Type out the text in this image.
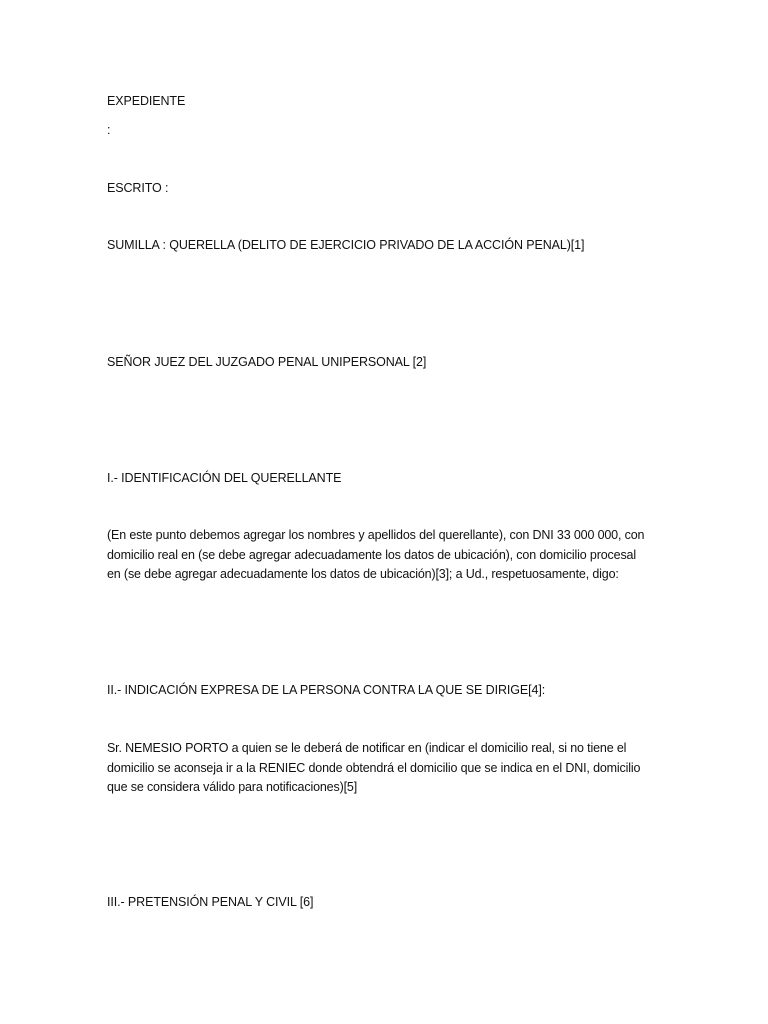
EXPEDIENTE
:
ESCRITO :
SUMILLA : QUERELLA (DELITO DE EJERCICIO PRIVADO DE LA ACCIÓN PENAL)[1]
SEÑOR JUEZ DEL JUZGADO PENAL UNIPERSONAL [2]
I.- IDENTIFICACIÓN DEL QUERELLANTE
(En este punto debemos agregar los nombres y apellidos del querellante), con DNI 33 000 000, con
domicilio real en (se debe agregar adecuadamente los datos de ubicación), con domicilio procesal
en (se debe agregar adecuadamente los datos de ubicación)[3]; a Ud., respetuosamente, digo:
II.- INDICACIÓN EXPRESA DE LA PERSONA CONTRA LA QUE SE DIRIGE[4]:
Sr. NEMESIO PORTO a quien se le deberá de notificar en (indicar el domicilio real, si no tiene el
domicilio se aconseja ir a la RENIEC donde obtendrá el domicilio que se indica en el DNI, domicilio
que se considera válido para notificaciones)[5]
III.- PRETENSIÓN PENAL Y CIVIL [6]
